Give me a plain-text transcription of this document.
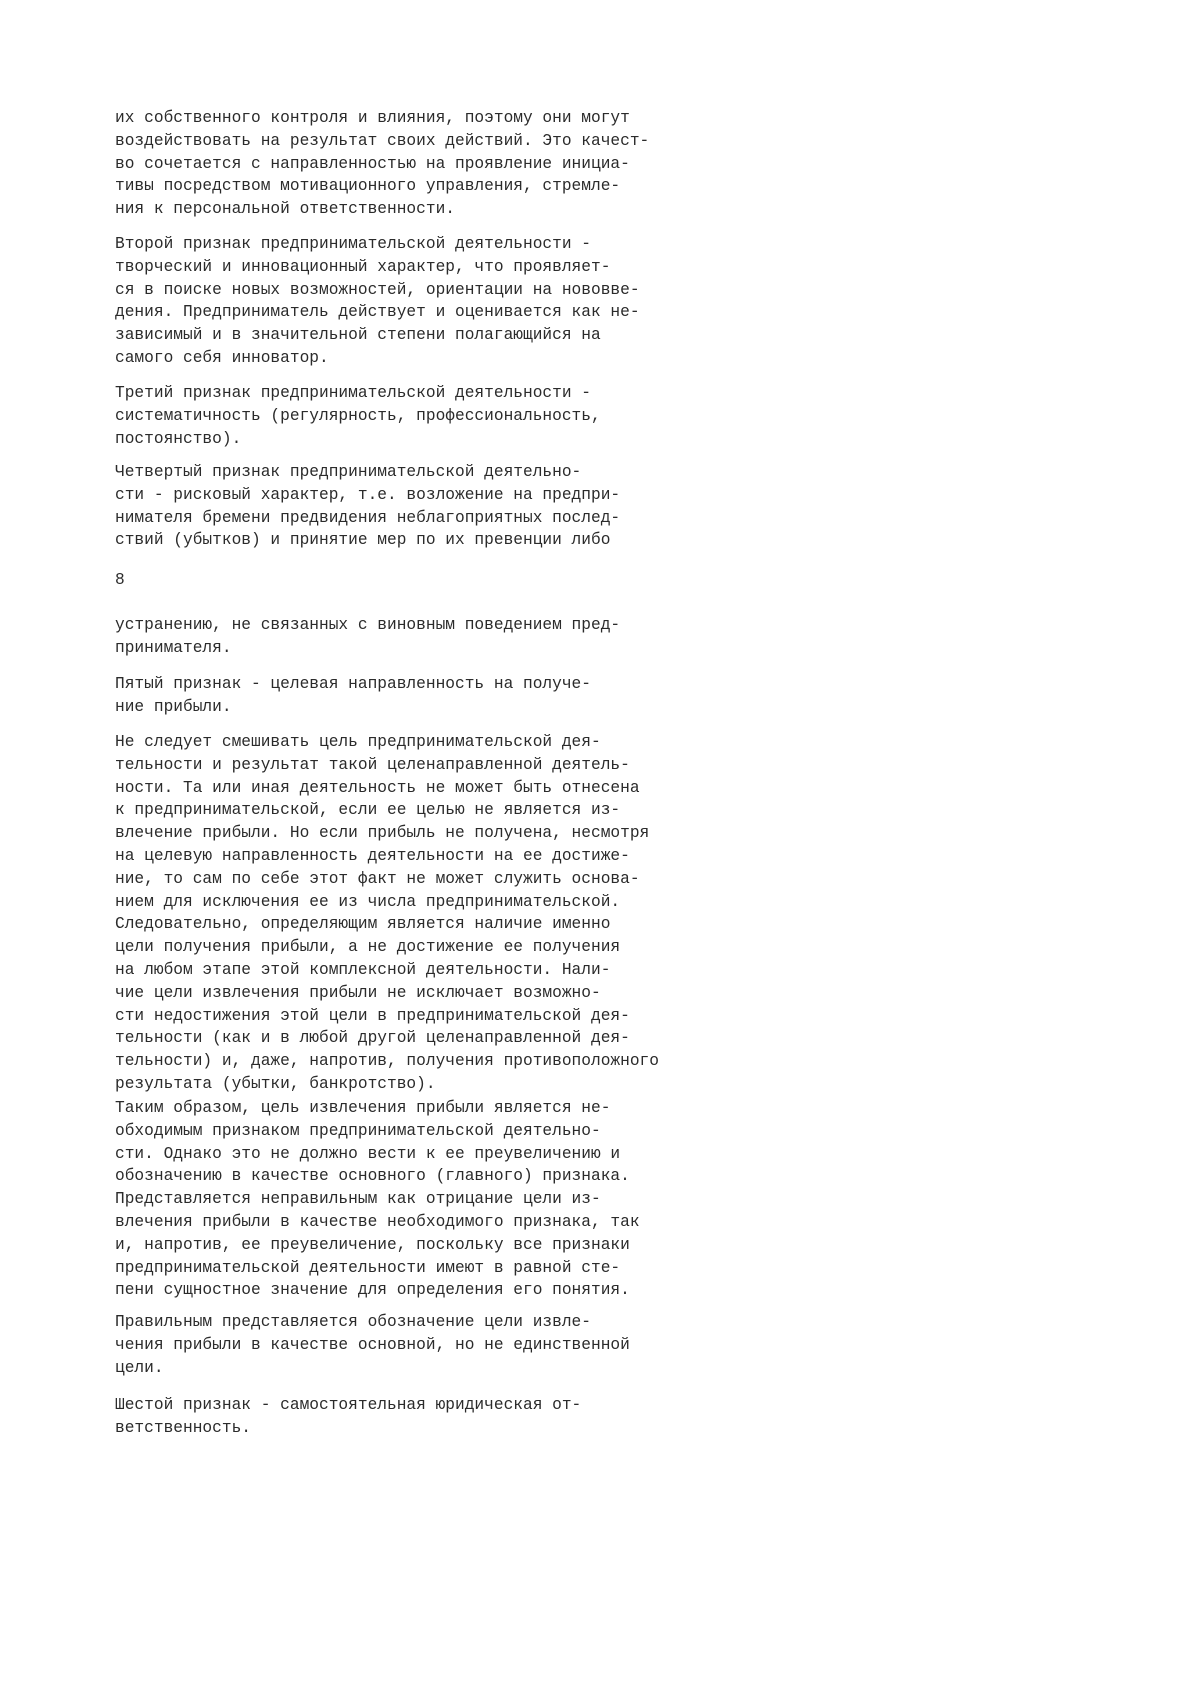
их собственного контроля и влияния, поэтому они могут
воздействовать на результат своих действий. Это качест-
во сочетается с направленностью на проявление инициа-
тивы посредством мотивационного управления, стремле-
ния к персональной ответственности.

Второй признак предпринимательской деятельности -
творческий и инновационный характер, что проявляет-
ся в поиске новых возможностей, ориентации на нововве-
дения. Предприниматель действует и оценивается как не-
зависимый и в значительной степени полагающийся на
самого себя инноватор.

Третий признак предпринимательской деятельности -
систематичность (регулярность, профессиональность,
постоянство).

Четвертый признак предпринимательской деятельно-
сти - рисковый характер, т.е. возложение на предпри-
нимателя бремени предвидения неблагоприятных послед-
ствий (убытков) и принятие мер по их превенции либо

8

устранению, не связанных с виновным поведением пред-
принимателя.

Пятый признак - целевая направленность на получе-
ние прибыли.

Не следует смешивать цель предпринимательской дея-
тельности и результат такой целенаправленной деятель-
ности. Та или иная деятельность не может быть отнесена
к предпринимательской, если ее целью не является из-
влечение прибыли. Но если прибыль не получена, несмотря
на целевую направленность деятельности на ее достиже-
ние, то сам по себе этот факт не может служить основа-
нием для исключения ее из числа предпринимательской.
Следовательно, определяющим является наличие именно
цели получения прибыли, а не достижение ее получения
на любом этапе этой комплексной деятельности. Нали-
чие цели извлечения прибыли не исключает возможно-
сти недостижения этой цели в предпринимательской дея-
тельности (как и в любой другой целенаправленной дея-
тельности) и, даже, напротив, получения противоположного
результата (убытки, банкротство).

Таким образом, цель извлечения прибыли является не-
обходимым признаком предпринимательской деятельно-
сти. Однако это не должно вести к ее преувеличению и
обозначению в качестве основного (главного) признака.
Представляется неправильным как отрицание цели из-
влечения прибыли в качестве необходимого признака, так
и, напротив, ее преувеличение, поскольку все признаки
предпринимательской деятельности имеют в равной сте-
пени сущностное значение для определения его понятия.

Правильным представляется обозначение цели извле-
чения прибыли в качестве основной, но не единственной
цели.

Шестой признак - самостоятельная юридическая от-
ветственность.
